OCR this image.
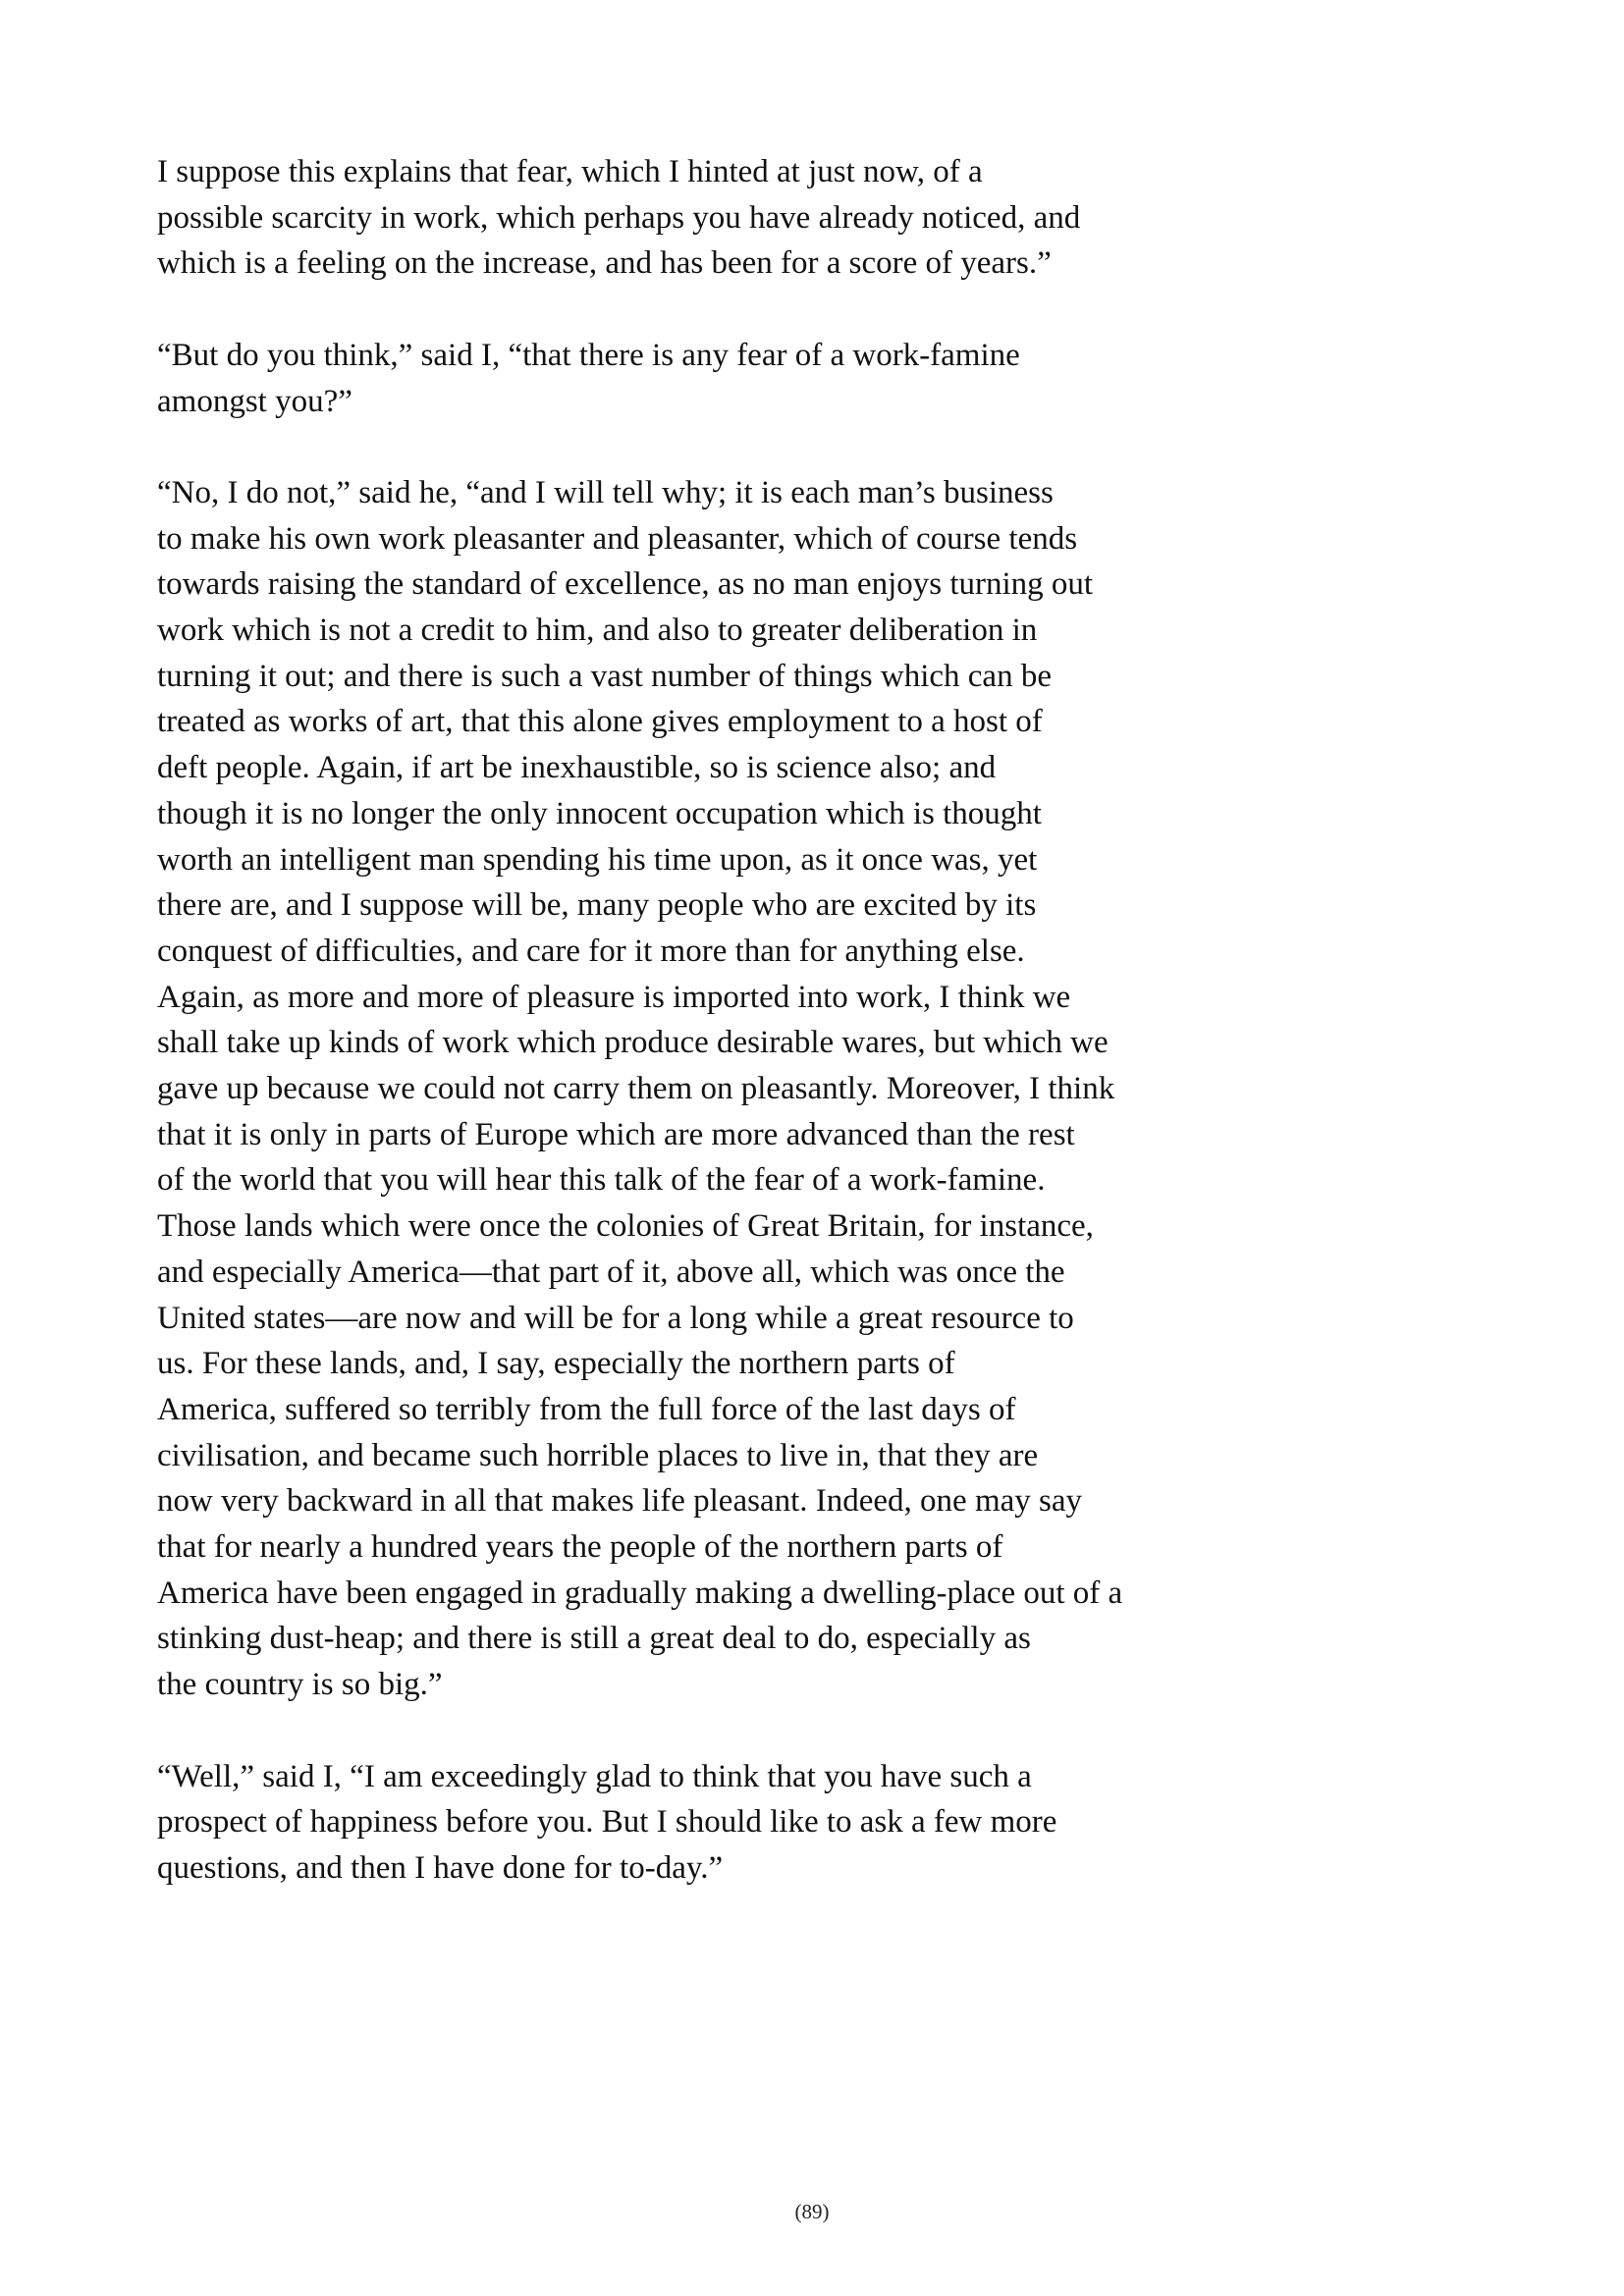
I suppose this explains that fear, which I hinted at just now, of a
possible scarcity in work, which perhaps you have already noticed, and
which is a feeling on the increase, and has been for a score of years.”

“But do you think,” said I, “that there is any fear of a work-famine
amongst you?”

“No, I do not,” said he, “and I will tell why; it is each man’s business
to make his own work pleasanter and pleasanter, which of course tends
towards raising the standard of excellence, as no man enjoys turning out
work which is not a credit to him, and also to greater deliberation in
turning it out; and there is such a vast number of things which can be
treated as works of art, that this alone gives employment to a host of
deft people. Again, if art be inexhaustible, so is science also; and
though it is no longer the only innocent occupation which is thought
worth an intelligent man spending his time upon, as it once was, yet
there are, and I suppose will be, many people who are excited by its
conquest of difficulties, and care for it more than for anything else.
Again, as more and more of pleasure is imported into work, I think we
shall take up kinds of work which produce desirable wares, but which we
gave up because we could not carry them on pleasantly. Moreover, I think
that it is only in parts of Europe which are more advanced than the rest
of the world that you will hear this talk of the fear of a work-famine.
Those lands which were once the colonies of Great Britain, for instance,
and especially America—that part of it, above all, which was once the
United states—are now and will be for a long while a great resource to
us. For these lands, and, I say, especially the northern parts of
America, suffered so terribly from the full force of the last days of
civilisation, and became such horrible places to live in, that they are
now very backward in all that makes life pleasant. Indeed, one may say
that for nearly a hundred years the people of the northern parts of
America have been engaged in gradually making a dwelling-place out of a
stinking dust-heap; and there is still a great deal to do, especially as
the country is so big.”

“Well,” said I, “I am exceedingly glad to think that you have such a
prospect of happiness before you. But I should like to ask a few more
questions, and then I have done for to-day.”

(89)
